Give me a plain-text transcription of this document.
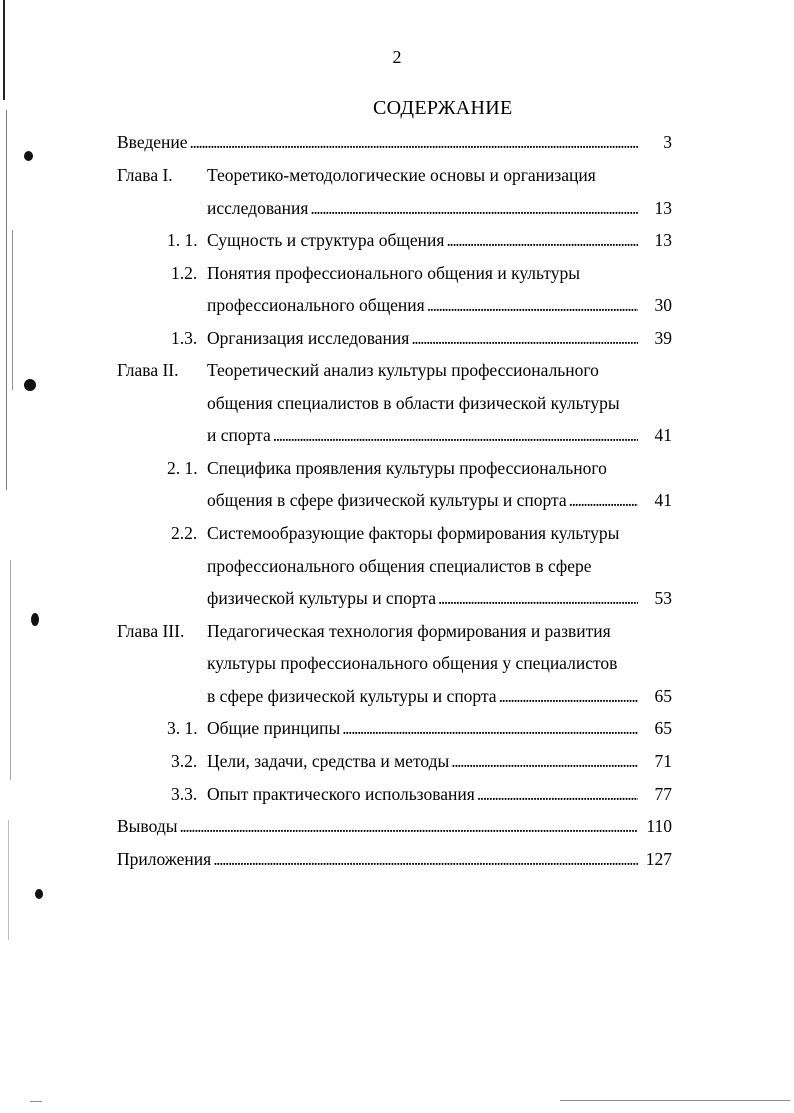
2
СОДЕРЖАНИЕ
Введение . . .	3
Глава I. Теоретико-методологические основы и организация
исследования . . .	13
1. 1. Сущность и структура общения . . .	13
1.2. Понятия профессионального общения и культуры
профессионального общения . . .	30
1.3. Организация исследования . . .	39
Глава II. Теоретический анализ культуры профессионального
общения специалистов в области физической культуры
и спорта . . .	41
2. 1. Специфика проявления культуры профессионального
общения в сфере физической культуры и спорта . . .	41
2.2. Системообразующие факторы формирования культуры
профессионального общения специалистов в сфере
физической культуры и спорта . . .	53
Глава III. Педагогическая технология формирования и развития
культуры профессионального общения у специалистов
в сфере физической культуры и спорта . . .	65
3. 1. Общие принципы . . .	65
3.2. Цели, задачи, средства и методы . . .	71
3.3. Опыт практического использования . . .	77
Выводы . . .	110
Приложения . . .	127
